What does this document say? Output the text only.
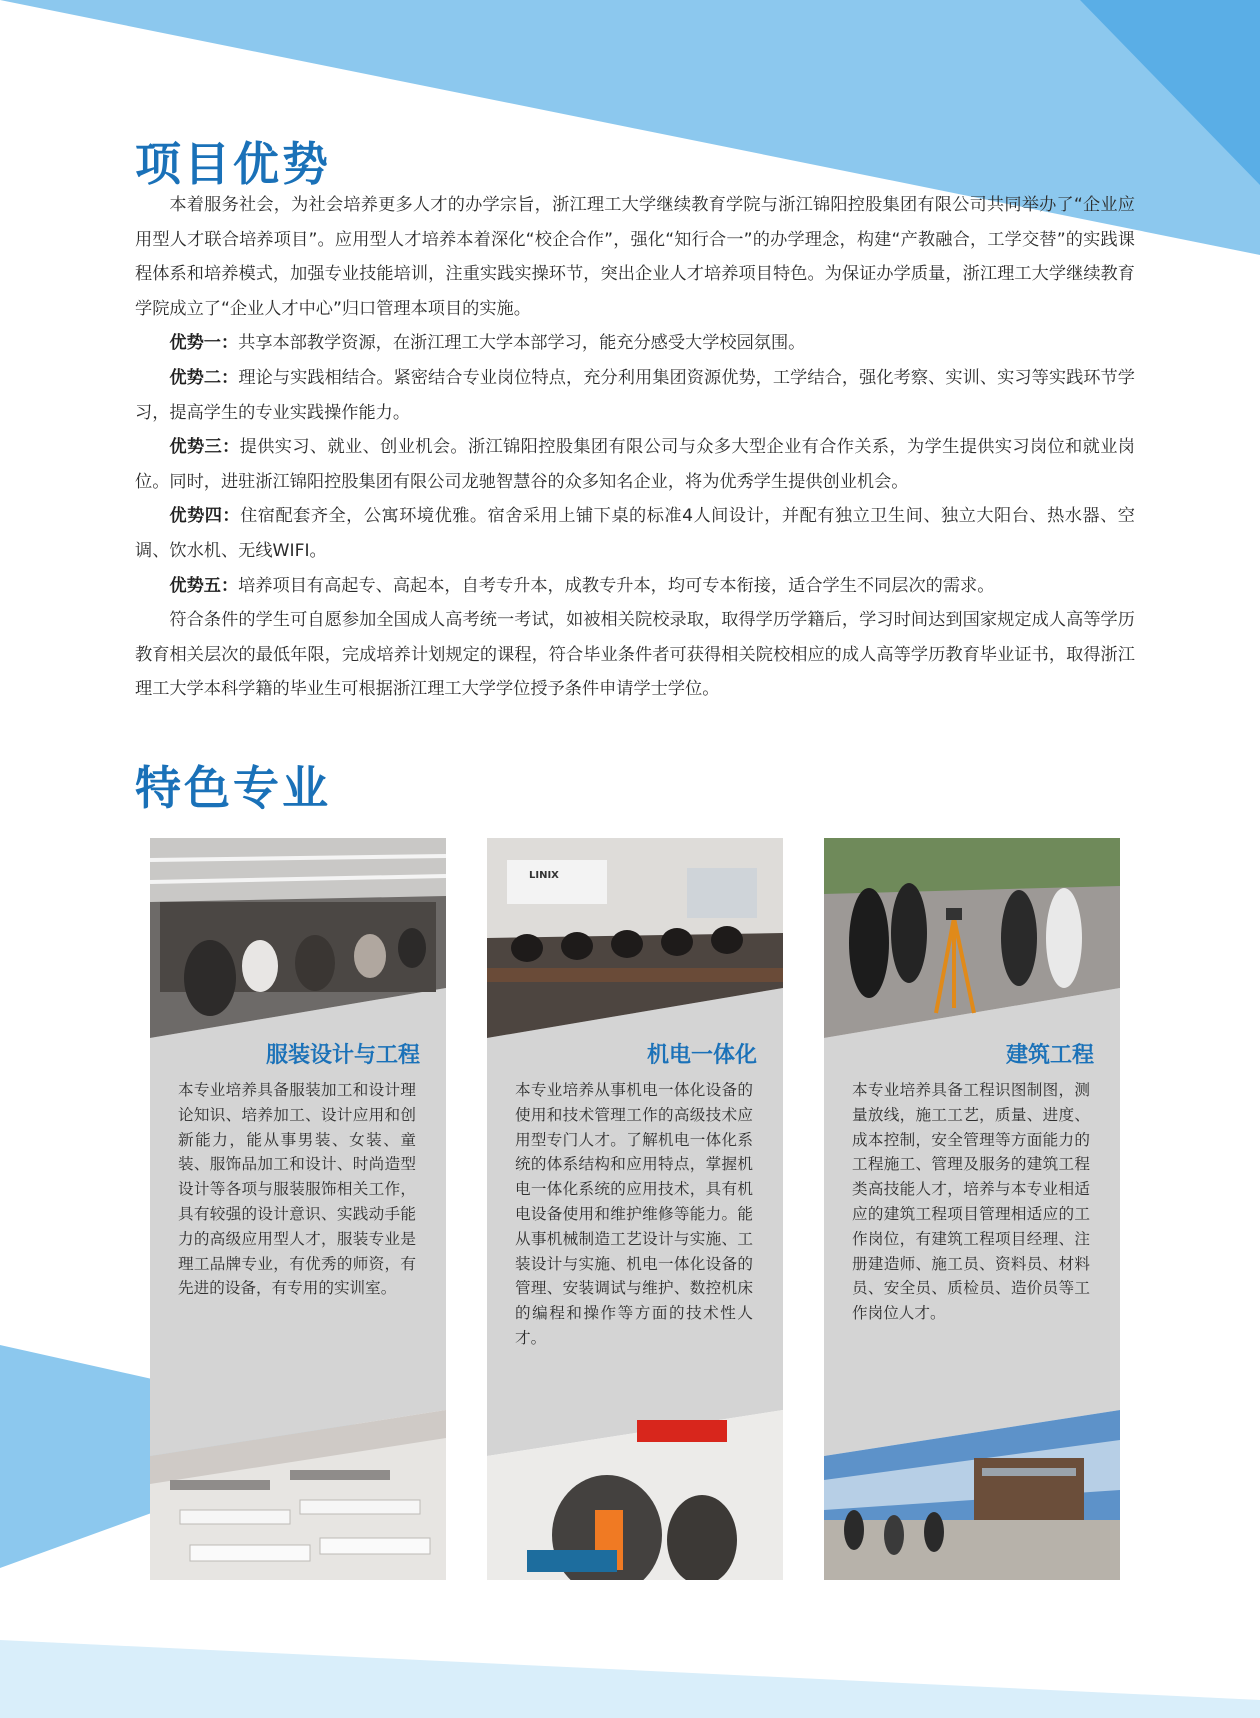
项目优势

本着服务社会，为社会培养更多人才的办学宗旨，浙江理工大学继续教育学院与浙江锦阳控股集团有限公司共同举办了“企业应用型人才联合培养项目”。应用型人才培养本着深化“校企合作”，强化“知行合一”的办学理念，构建“产教融合，工学交替”的实践课程体系和培养模式，加强专业技能培训，注重实践实操环节，突出企业人才培养项目特色。为保证办学质量，浙江理工大学继续教育学院成立了“企业人才中心”归口管理本项目的实施。

优势一：共享本部教学资源，在浙江理工大学本部学习，能充分感受大学校园氛围。

优势二：理论与实践相结合。紧密结合专业岗位特点，充分利用集团资源优势，工学结合，强化考察、实训、实习等实践环节学习，提高学生的专业实践操作能力。

优势三：提供实习、就业、创业机会。浙江锦阳控股集团有限公司与众多大型企业有合作关系，为学生提供实习岗位和就业岗位。同时，进驻浙江锦阳控股集团有限公司龙驰智慧谷的众多知名企业，将为优秀学生提供创业机会。

优势四：住宿配套齐全，公寓环境优雅。宿舍采用上铺下桌的标准4人间设计，并配有独立卫生间、独立大阳台、热水器、空调、饮水机、无线WIFI。

优势五：培养项目有高起专、高起本，自考专升本，成教专升本，均可专本衔接，适合学生不同层次的需求。

符合条件的学生可自愿参加全国成人高考统一考试，如被相关院校录取，取得学历学籍后，学习时间达到国家规定成人高等学历教育相关层次的最低年限，完成培养计划规定的课程，符合毕业条件者可获得相关院校相应的成人高等学历教育毕业证书，取得浙江理工大学本科学籍的毕业生可根据浙江理工大学学位授予条件申请学士学位。

特色专业
服装设计与工程
本专业培养具备服装加工和设计理论知识、培养加工、设计应用和创新能力，能从事男装、女装、童装、服饰品加工和设计、时尚造型设计等各项与服装服饰相关工作，具有较强的设计意识、实践动手能力的高级应用型人才，服装专业是理工品牌专业，有优秀的师资，有先进的设备，有专用的实训室。
LINIX
机电一体化
本专业培养从事机电一体化设备的使用和技术管理工作的高级技术应用型专门人才。了解机电一体化系统的体系结构和应用特点，掌握机电一体化系统的应用技术，具有机电设备使用和维护维修等能力。能从事机械制造工艺设计与实施、工装设计与实施、机电一体化设备的管理、安装调试与维护、数控机床的编程和操作等方面的技术性人才。
建筑工程
本专业培养具备工程识图制图，测量放线，施工工艺，质量、进度、成本控制，安全管理等方面能力的工程施工、管理及服务的建筑工程类高技能人才，培养与本专业相适应的建筑工程项目管理相适应的工作岗位，有建筑工程项目经理、注册建造师、施工员、资料员、材料员、安全员、质检员、造价员等工作岗位人才。
